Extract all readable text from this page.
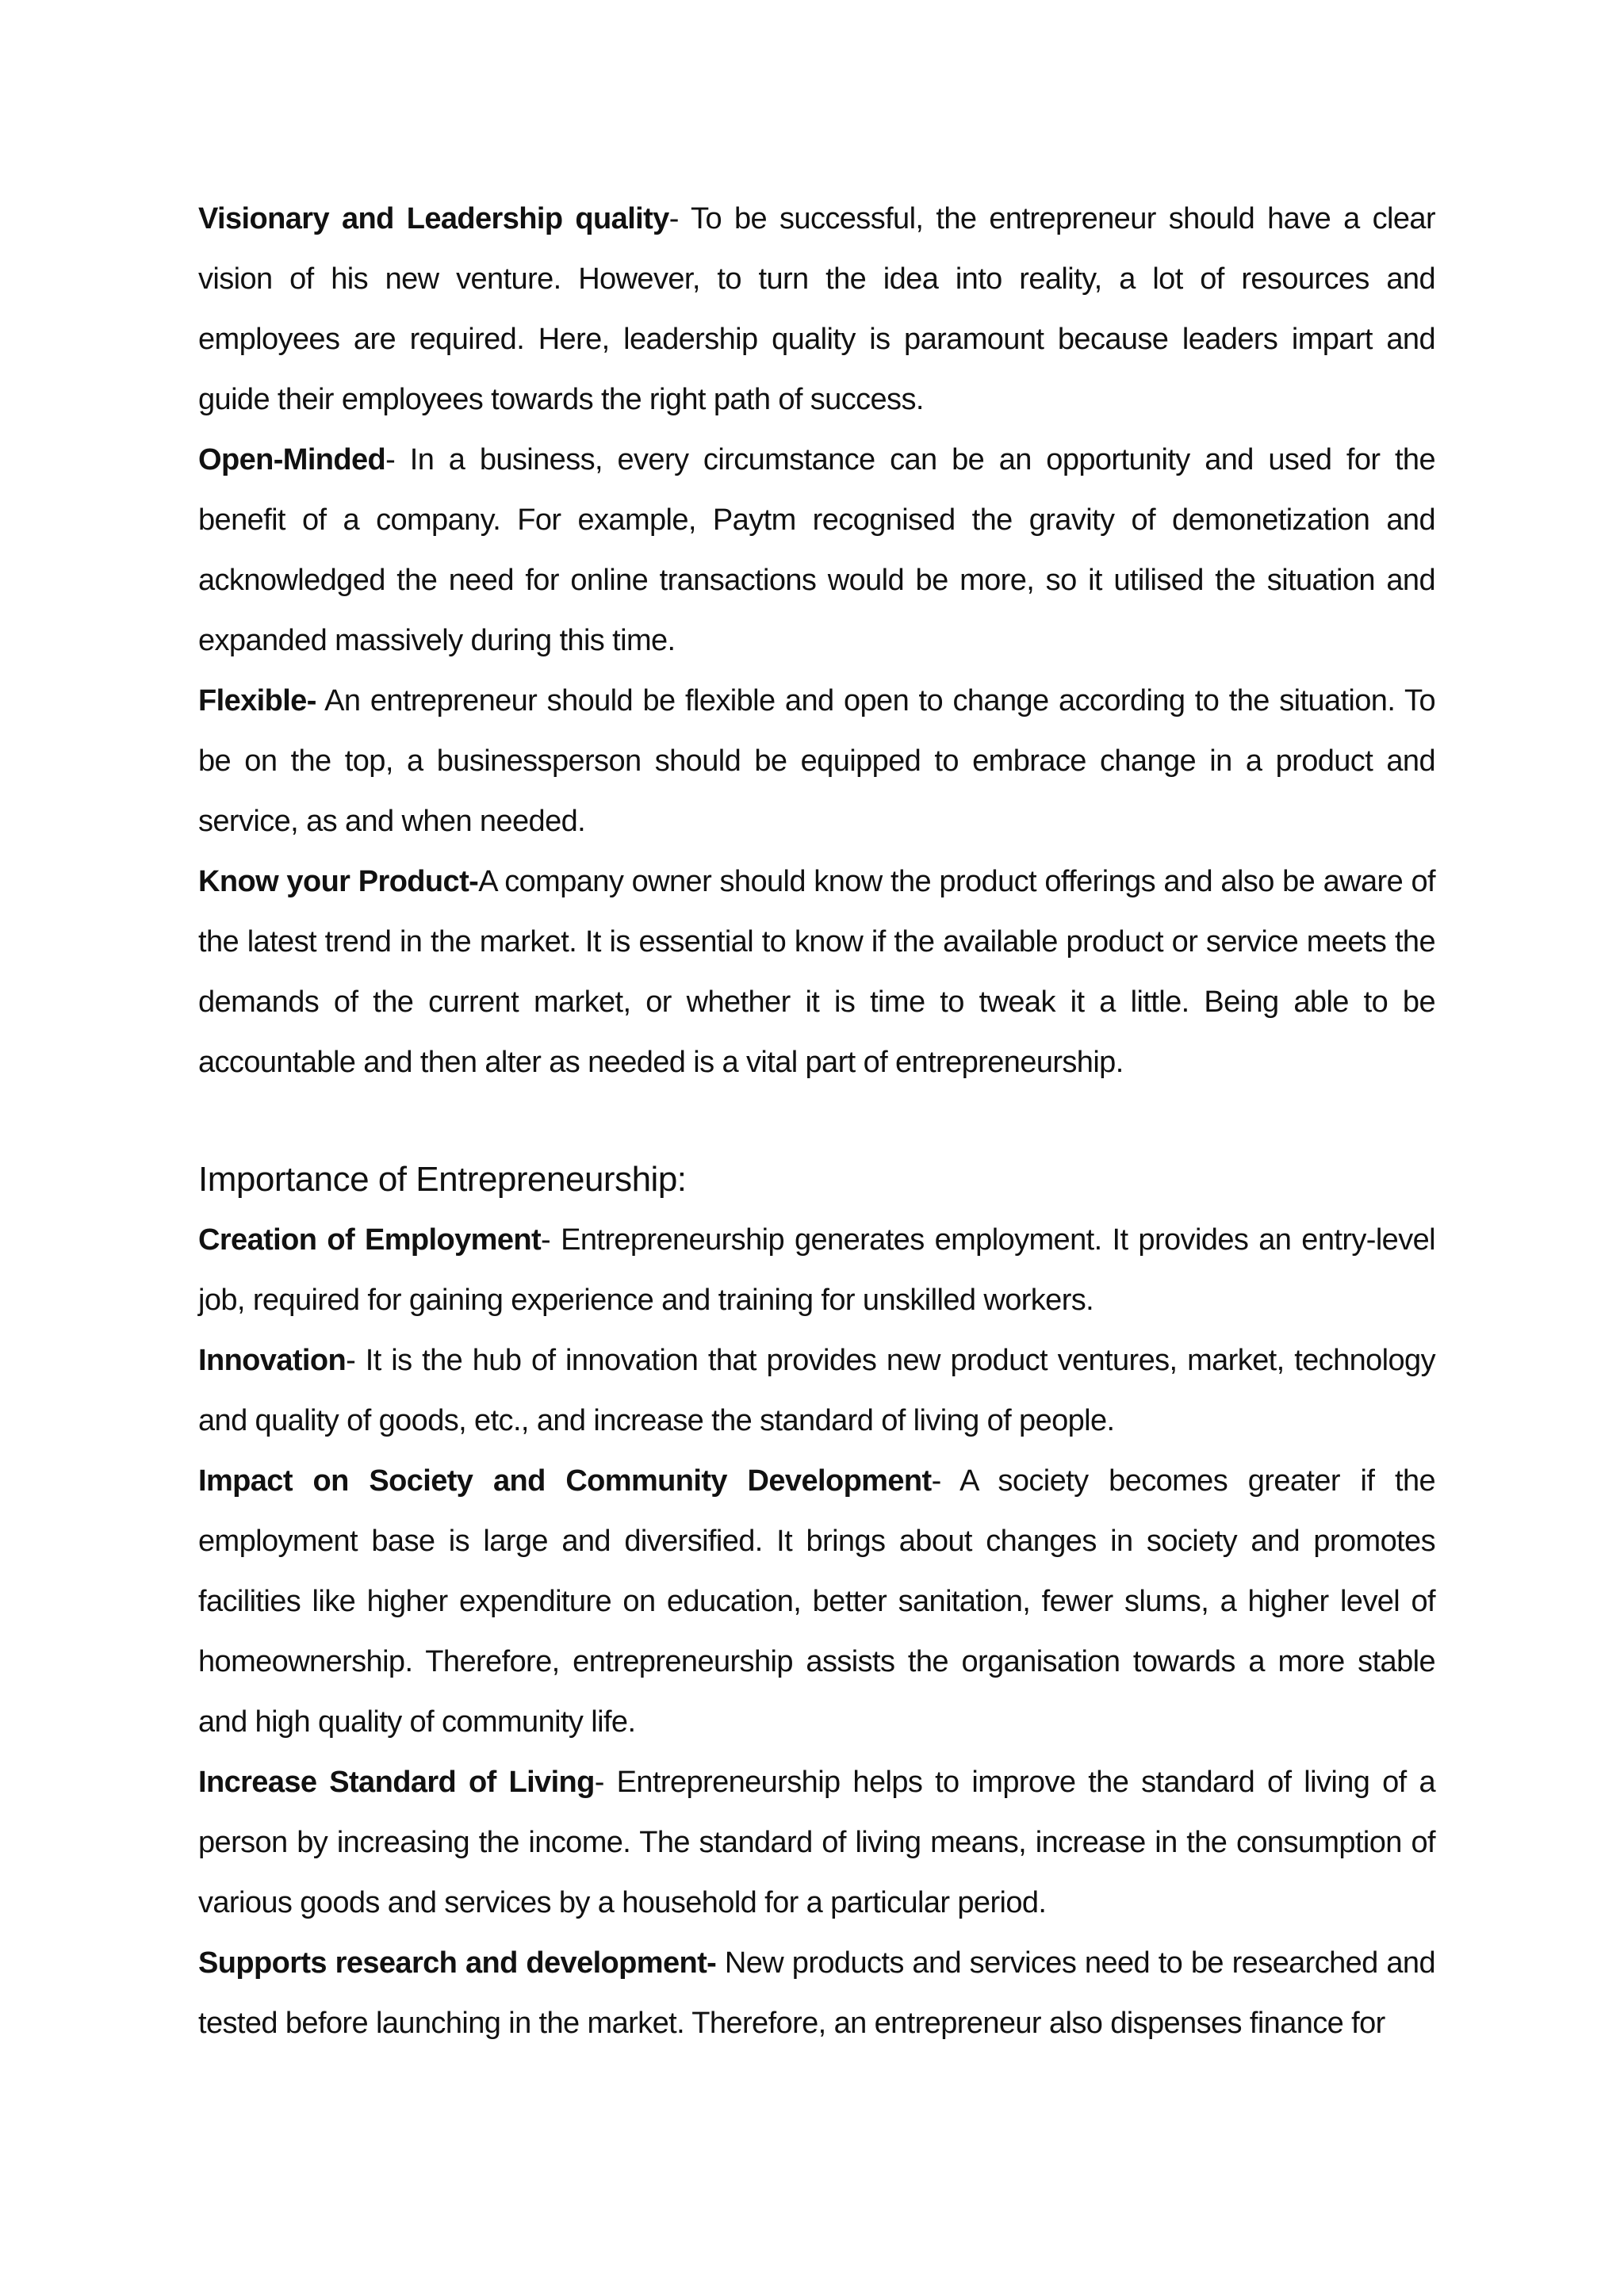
Visionary and Leadership quality- To be successful, the entrepreneur should have a clear vision of his new venture. However, to turn the idea into reality, a lot of resources and employees are required. Here, leadership quality is paramount because leaders impart and guide their employees towards the right path of success.

Open-Minded- In a business, every circumstance can be an opportunity and used for the benefit of a company. For example, Paytm recognised the gravity of demonetization and acknowledged the need for online transactions would be more, so it utilised the situation and expanded massively during this time.

Flexible- An entrepreneur should be flexible and open to change according to the situation. To be on the top, a businessperson should be equipped to embrace change in a product and service, as and when needed.

Know your Product-A company owner should know the product offerings and also be aware of the latest trend in the market. It is essential to know if the available product or service meets the demands of the current market, or whether it is time to tweak it a little. Being able to be accountable and then alter as needed is a vital part of entrepreneurship.

Importance of Entrepreneurship:

Creation of Employment- Entrepreneurship generates employment. It provides an entry-level job, required for gaining experience and training for unskilled workers.

Innovation- It is the hub of innovation that provides new product ventures, market, technology and quality of goods, etc., and increase the standard of living of people.

Impact on Society and Community Development- A society becomes greater if the employment base is large and diversified. It brings about changes in society and promotes facilities like higher expenditure on education, better sanitation, fewer slums, a higher level of homeownership. Therefore, entrepreneurship assists the organisation towards a more stable and high quality of community life.

Increase Standard of Living- Entrepreneurship helps to improve the standard of living of a person by increasing the income. The standard of living means, increase in the consumption of various goods and services by a household for a particular period.

Supports research and development- New products and services need to be researched and tested before launching in the market. Therefore, an entrepreneur also dispenses finance for
